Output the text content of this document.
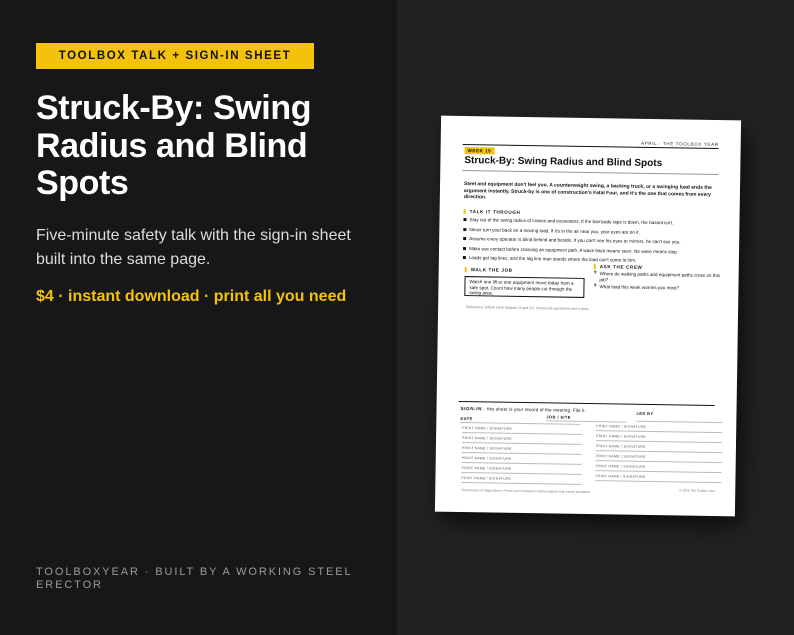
TOOLBOX TALK + SIGN-IN SHEET
Struck-By: Swing Radius and Blind Spots

Five-minute safety talk with the sign-in sheet built into the same page.

$4 · instant download · print all you need

TOOLBOXYEAR · BUILT BY A WORKING STEEL ERECTOR

APRIL · THE TOOLBOX YEAR
WEEK 15
Struck-By: Swing Radius and Blind Spots
Steel and equipment don't feel you. A counterweight swing, a backing truck, or a swinging load ends the argument instantly. Struck-by is one of construction's Fatal Four, and it's the one that comes from every direction.
TALK IT THROUGH
Stay out of the swing radius of cranes and excavators. If the barricade tape is down, the hazard isn't.
Never turn your back on a moving load. If it's in the air near you, your eyes are on it.
Assume every operator is blind behind and beside. If you can't see his eyes or mirrors, he can't see you.
Make eye contact before crossing an equipment path. A wave back means seen. No wave means stop.
Loads get tag lines, and the tag line man stands where the load can't come to him.
WALK THE JOB
Watch one lift or one equipment move today from a safe spot. Count how many people cut through the swing area.
ASK THE CREW
? Where do walking paths and equipment paths cross on this job?
? What load this week worries you most?
Reference: OSHA 1926 Subpart O and CC, motorized equipment and cranes
SIGN-IN · this sheet is your record of the meeting. File it.
DATE	JOB / SITE
LED BY
PRINT NAME / SIGNATURE
PRINT NAME / SIGNATURE
PRINT NAME / SIGNATURE
PRINT NAME / SIGNATURE
PRINT NAME / SIGNATURE
PRINT NAME / SIGNATURE
PRINT NAME / SIGNATURE
PRINT NAME / SIGNATURE
PRINT NAME / SIGNATURE
PRINT NAME / SIGNATURE
PRINT NAME / SIGNATURE
PRINT NAME / SIGNATURE
Training aid, not legal advice. Follow your company's safety program and current standards.	© 2026 The Toolbox Year
